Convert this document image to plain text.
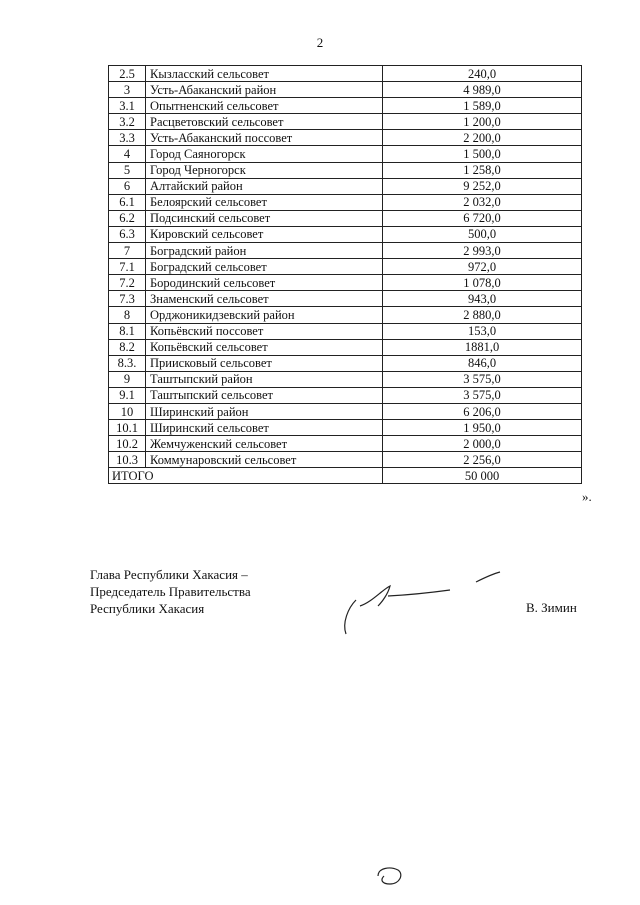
2
2.5	Кызласский сельсовет	240,0
3	Усть-Абаканский район	4 989,0
3.1	Опытненский сельсовет	1 589,0
3.2	Расцветовский сельсовет	1 200,0
3.3	Усть-Абаканский поссовет	2 200,0
4	Город Саяногорск	1 500,0
5	Город Черногорск	1 258,0
6	Алтайский район	9 252,0
6.1	Белоярский сельсовет	2 032,0
6.2	Подсинский сельсовет	6 720,0
6.3	Кировский сельсовет	500,0
7	Боградский район	2 993,0
7.1	Боградский сельсовет	972,0
7.2	Бородинский сельсовет	1 078,0
7.3	Знаменский сельсовет	943,0
8	Орджоникидзевский район	2 880,0
8.1	Копьёвский поссовет	153,0
8.2	Копьёвский сельсовет	1881,0
8.3.	Приисковый сельсовет	846,0
9	Таштыпский район	3 575,0
9.1	Таштыпский сельсовет	3 575,0
10	Ширинский район	6 206,0
10.1	Ширинский сельсовет	1 950,0
10.2	Жемчуженский сельсовет	2 000,0
10.3	Коммунаровский сельсовет	2 256,0
ИТОГО		50 000
».
Глава Республики Хакасия –
Председатель Правительства
Республики Хакасия	В. Зимин
